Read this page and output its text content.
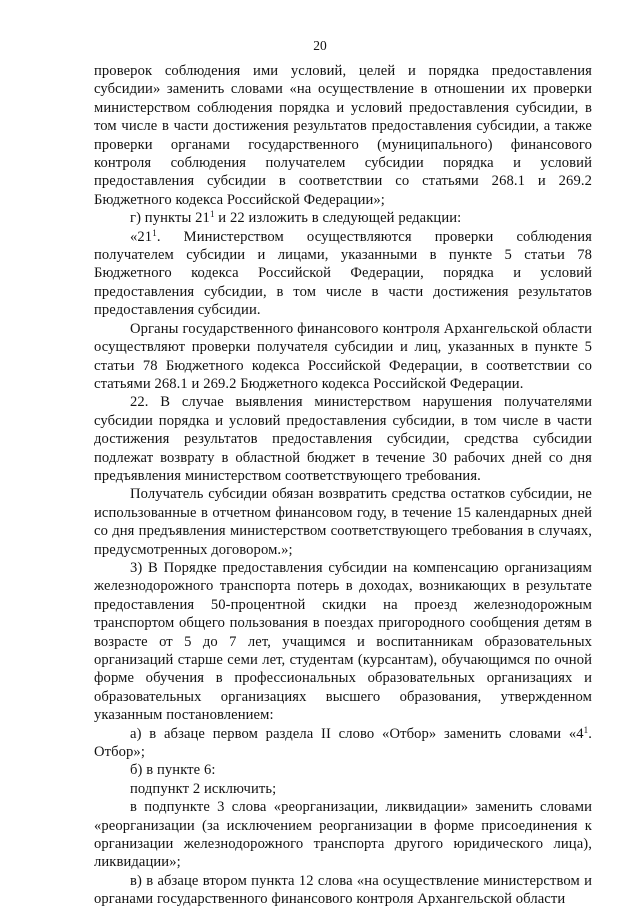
20

проверок соблюдения ими условий, целей и порядка предоставления субсидии» заменить словами «на осуществление в отношении их проверки министерством соблюдения порядка и условий предоставления субсидии, в том числе в части достижения результатов предоставления субсидии, а также проверки органами государственного (муниципального) финансового контроля соблюдения получателем субсидии порядка и условий предоставления субсидии в соответствии со статьями 268.1 и 269.2 Бюджетного кодекса Российской Федерации»;

г) пункты $21^1$ и 22 изложить в следующей редакции:

«$21^1$. Министерством осуществляются проверки соблюдения получателем субсидии и лицами, указанными в пункте 5 статьи 78 Бюджетного кодекса Российской Федерации, порядка и условий предоставления субсидии, в том числе в части достижения результатов предоставления субсидии.

Органы государственного финансового контроля Архангельской области осуществляют проверки получателя субсидии и лиц, указанных в пункте 5 статьи 78 Бюджетного кодекса Российской Федерации, в соответствии со статьями 268.1 и 269.2 Бюджетного кодекса Российской Федерации.

22. В случае выявления министерством нарушения получателями субсидии порядка и условий предоставления субсидии, в том числе в части достижения результатов предоставления субсидии, средства субсидии подлежат возврату в областной бюджет в течение 30 рабочих дней со дня предъявления министерством соответствующего требования.

Получатель субсидии обязан возвратить средства остатков субсидии, не использованные в отчетном финансовом году, в течение 15 календарных дней со дня предъявления министерством соответствующего требования в случаях, предусмотренных договором.»;

3) В Порядке предоставления субсидии на компенсацию организациям железнодорожного транспорта потерь в доходах, возникающих в результате предоставления 50-процентной скидки на проезд железнодорожным транспортом общего пользования в поездах пригородного сообщения детям в возрасте от 5 до 7 лет, учащимся и воспитанникам образовательных организаций старше семи лет, студентам (курсантам), обучающимся по очной форме обучения в профессиональных образовательных организациях и образовательных организациях высшего образования, утвержденном указанным постановлением:

а) в абзаце первом раздела II слово «Отбор» заменить словами «$4^1$. Отбор»;

б) в пункте 6:

подпункт 2 исключить;

в подпункте 3 слова «реорганизации, ликвидации» заменить словами «реорганизации (за исключением реорганизации в форме присоединения к организации железнодорожного транспорта другого юридического лица), ликвидации»;

в) в абзаце втором пункта 12 слова «на осуществление министерством и органами государственного финансового контроля Архангельской области
